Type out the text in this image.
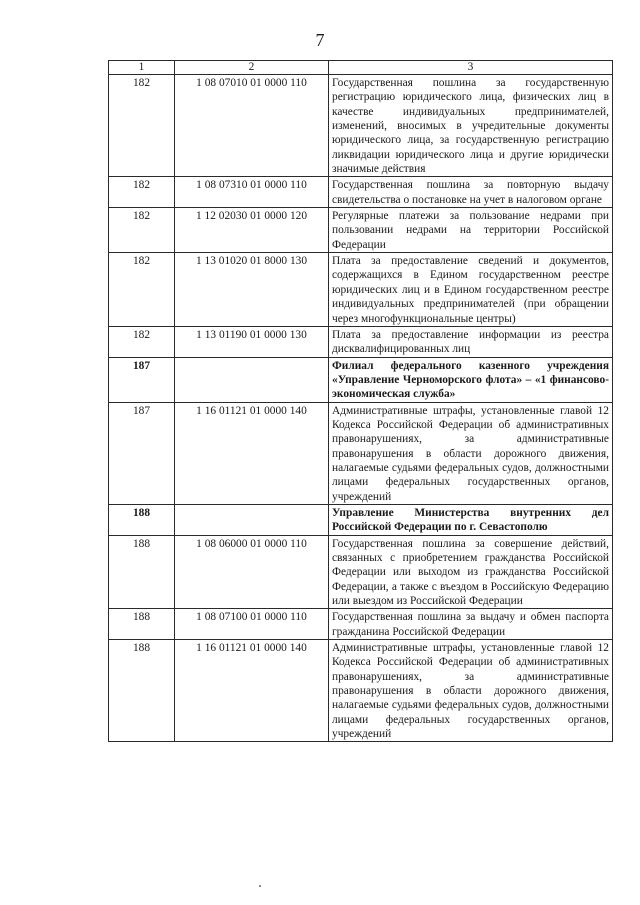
7
1	2	3
182	1 08 07010 01 0000 110	Государственная пошлина за государственную регистрацию юридического лица, физических лиц в качестве индивидуальных предпринимателей, изменений, вносимых в учредительные документы юридического лица, за государственную регистрацию ликвидации юридического лица и другие юридически значимые действия
182	1 08 07310 01 0000 110	Государственная пошлина за повторную выдачу свидетельства о постановке на учет в налоговом органе
182	1 12 02030 01 0000 120	Регулярные платежи за пользование недрами при пользовании недрами на территории Российской Федерации
182	1 13 01020 01 8000 130	Плата за предоставление сведений и документов, содержащихся в Едином государственном реестре юридических лиц и в Едином государственном реестре индивидуальных предпринимателей (при обращении через многофункциональные центры)
182	1 13 01190 01 0000 130	Плата за предоставление информации из реестра дисквалифицированных лиц
187		Филиал федерального казенного учреждения «Управление Черноморского флота» – «1 финансово-экономическая служба»
187	1 16 01121 01 0000 140	Административные штрафы, установленные главой 12 Кодекса Российской Федерации об административных правонарушениях, за административные правонарушения в области дорожного движения, налагаемые судьями федеральных судов, должностными лицами федеральных государственных органов, учреждений
188		Управление Министерства внутренних дел Российской Федерации по г. Севастополю
188	1 08 06000 01 0000 110	Государственная пошлина за совершение действий, связанных с приобретением гражданства Российской Федерации или выходом из гражданства Российской Федерации, а также с въездом в Российскую Федерацию или выездом из Российской Федерации
188	1 08 07100 01 0000 110	Государственная пошлина за выдачу и обмен паспорта гражданина Российской Федерации
188	1 16 01121 01 0000 140	Административные штрафы, установленные главой 12 Кодекса Российской Федерации об административных правонарушениях, за административные правонарушения в области дорожного движения, налагаемые судьями федеральных судов, должностными лицами федеральных государственных органов, учреждений
